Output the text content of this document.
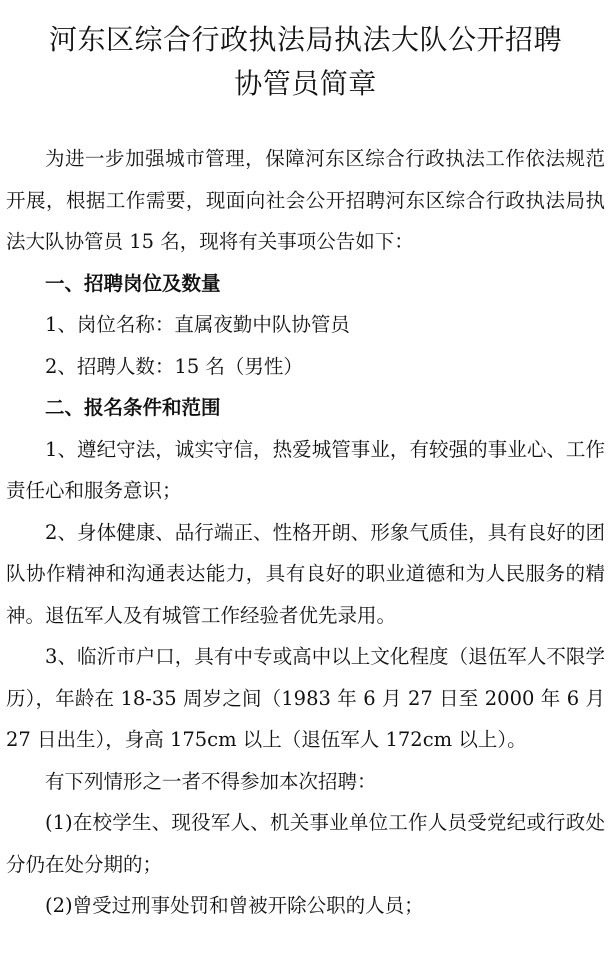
河东区综合行政执法局执法大队公开招聘
协管员简章

为进一步加强城市管理，保障河东区综合行政执法工作依法规范开展，根据工作需要，现面向社会公开招聘河东区综合行政执法局执法大队协管员 15 名，现将有关事项公告如下：

一、招聘岗位及数量

1、岗位名称：直属夜勤中队协管员

2、招聘人数：15 名（男性）

二、报名条件和范围

1、遵纪守法，诚实守信，热爱城管事业，有较强的事业心、工作责任心和服务意识；

2、身体健康、品行端正、性格开朗、形象气质佳，具有良好的团队协作精神和沟通表达能力，具有良好的职业道德和为人民服务的精神。退伍军人及有城管工作经验者优先录用。

3、临沂市户口，具有中专或高中以上文化程度（退伍军人不限学历），年龄在 18-35 周岁之间（1983 年 6 月 27 日至 2000 年 6 月 27 日出生），身高 175cm 以上（退伍军人 172cm 以上）。

有下列情形之一者不得参加本次招聘：

(1)在校学生、现役军人、机关事业单位工作人员受党纪或行政处分仍在处分期的；

(2)曾受过刑事处罚和曾被开除公职的人员；
